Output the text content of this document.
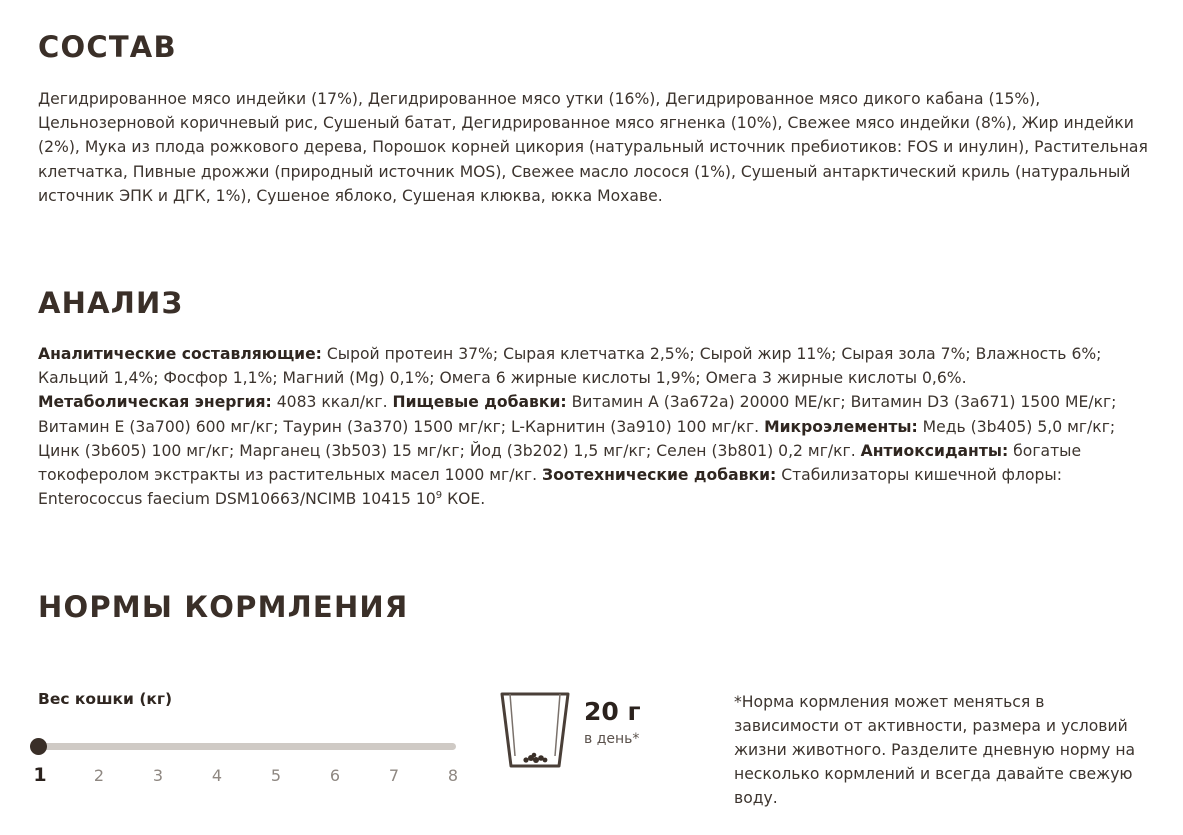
СОСТАВ

Дегидрированное мясо индейки (17%), Дегидрированное мясо утки (16%), Дегидрированное мясо дикого кабана (15%), Цельнозерновой коричневый рис, Сушеный батат, Дегидрированное мясо ягненка (10%), Свежее мясо индейки (8%), Жир индейки (2%), Мука из плода рожкового дерева, Порошок корней цикория (натуральный источник пребиотиков: FOS и инулин), Растительная клетчатка, Пивные дрожжи (природный источник MOS), Свежее масло лосося (1%), Сушеный антарктический криль (натуральный источник ЭПК и ДГК, 1%), Сушеное яблоко, Сушеная клюква, юкка Мохаве.

АНАЛИЗ

Аналитические составляющие: Сырой протеин 37%; Сырая клетчатка 2,5%; Сырой жир 11%; Сырая зола 7%; Влажность 6%; Кальций 1,4%; Фосфор 1,1%; Магний (Mg) 0,1%; Омега 6 жирные кислоты 1,9%; Омега 3 жирные кислоты 0,6%.
Метаболическая энергия: 4083 ккал/кг. Пищевые добавки: Витамин A (3a672a) 20000 МЕ/кг; Витамин D3 (3a671) 1500 МЕ/кг; Витамин E (3a700) 600 мг/кг; Таурин (3a370) 1500 мг/кг; L-Карнитин (3a910) 100 мг/кг. Микроэлементы: Медь (3b405) 5,0 мг/кг; Цинк (3b605) 100 мг/кг; Марганец (3b503) 15 мг/кг; Йод (3b202) 1,5 мг/кг; Селен (3b801) 0,2 мг/кг. Антиоксиданты: богатые токоферолом экстракты из растительных масел 1000 мг/кг. Зоотехнические добавки: Стабилизаторы кишечной флоры: Enterococcus faecium DSM10663/NCIMB 10415 $10^9$ КОЕ.

НОРМЫ КОРМЛЕНИЯ
Вес кошки (кг)
1	2	3	4	5	6	7	8
20 г
в день*
*Норма кормления может меняться в зависимости от активности, размера и условий жизни животного. Разделите дневную норму на несколько кормлений и всегда давайте свежую воду.
